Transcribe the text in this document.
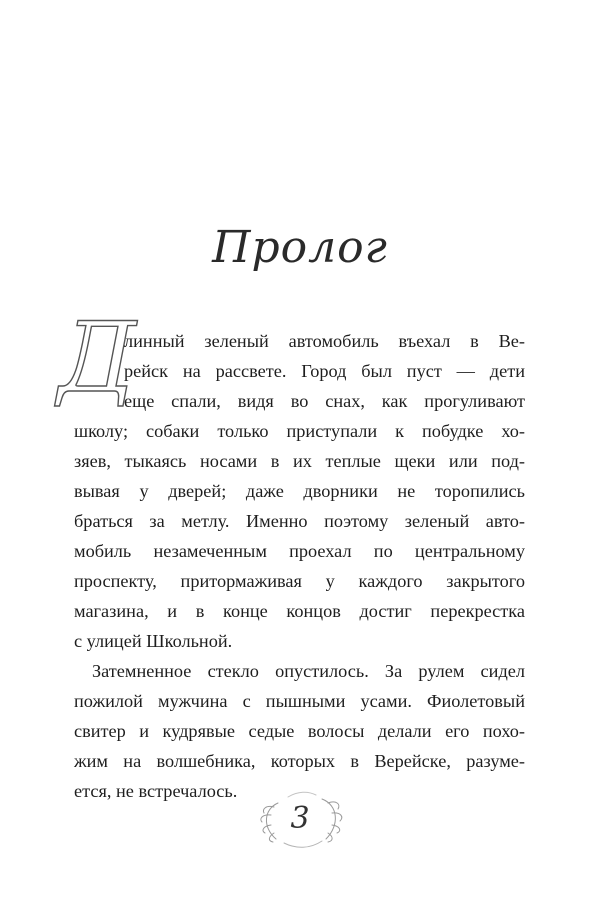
Пролог
Д
линный зеленый автомобиль въехал в Ве-
рейск на рассвете. Город был пуст — дети
еще спали, видя во снах, как прогуливают
школу; собаки только приступали к побудке хо-
зяев, тыкаясь носами в их теплые щеки или под-
вывая у дверей; даже дворники не торопились
браться за метлу. Именно поэтому зеленый авто-
мобиль незамеченным проехал по центральному
проспекту, притормаживая у каждого закрытого
магазина, и в конце концов достиг перекрестка
с улицей Школьной.
Затемненное стекло опустилось. За рулем сидел
пожилой мужчина с пышными усами. Фиолетовый
свитер и кудрявые седые волосы делали его похо-
жим на волшебника, которых в Верейске, разуме-
ется, не встречалось.
3
